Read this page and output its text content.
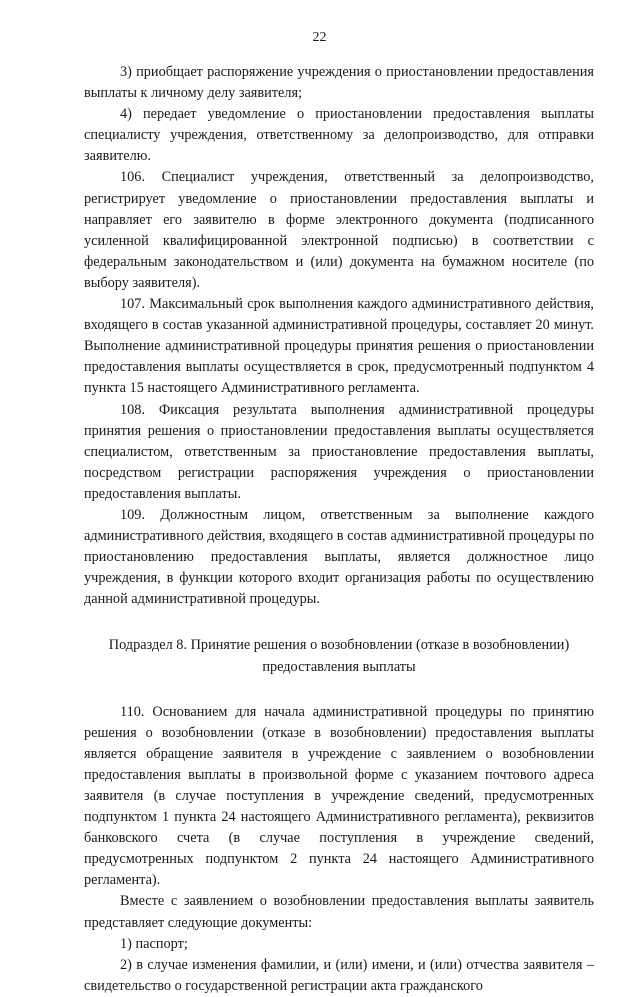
22

3) приобщает распоряжение учреждения о приостановлении предоставления выплаты к личному делу заявителя;

4) передает уведомление о приостановлении предоставления выплаты специалисту учреждения, ответственному за делопроизводство, для отправки заявителю.

106. Специалист учреждения, ответственный за делопроизводство, регистрирует уведомление о приостановлении предоставления выплаты и направляет его заявителю в форме электронного документа (подписанного усиленной квалифицированной электронной подписью) в соответствии с федеральным законодательством и (или) документа на бумажном носителе (по выбору заявителя).

107. Максимальный срок выполнения каждого административного действия, входящего в состав указанной административной процедуры, составляет 20 минут. Выполнение административной процедуры принятия решения о приостановлении предоставления выплаты осуществляется в срок, предусмотренный подпунктом 4 пункта 15 настоящего Административного регламента.

108. Фиксация результата выполнения административной процедуры принятия решения о приостановлении предоставления выплаты осуществляется специалистом, ответственным за приостановление предоставления выплаты, посредством регистрации распоряжения учреждения о приостановлении предоставления выплаты.

109. Должностным лицом, ответственным за выполнение каждого административного действия, входящего в состав административной процедуры по приостановлению предоставления выплаты, является должностное лицо учреждения, в функции которого входит организация работы по осуществлению данной административной процедуры.

Подраздел 8. Принятие решения о возобновлении (отказе в возобновлении) предоставления выплаты

110. Основанием для начала административной процедуры по принятию решения о возобновлении (отказе в возобновлении) предоставления выплаты является обращение заявителя в учреждение с заявлением о возобновлении предоставления выплаты в произвольной форме с указанием почтового адреса заявителя (в случае поступления в учреждение сведений, предусмотренных подпунктом 1 пункта 24 настоящего Административного регламента), реквизитов банковского счета (в случае поступления в учреждение сведений, предусмотренных подпунктом 2 пункта 24 настоящего Административного регламента).

Вместе с заявлением о возобновлении предоставления выплаты заявитель представляет следующие документы:

1) паспорт;

2) в случае изменения фамилии, и (или) имени, и (или) отчества заявителя – свидетельство о государственной регистрации акта гражданского
